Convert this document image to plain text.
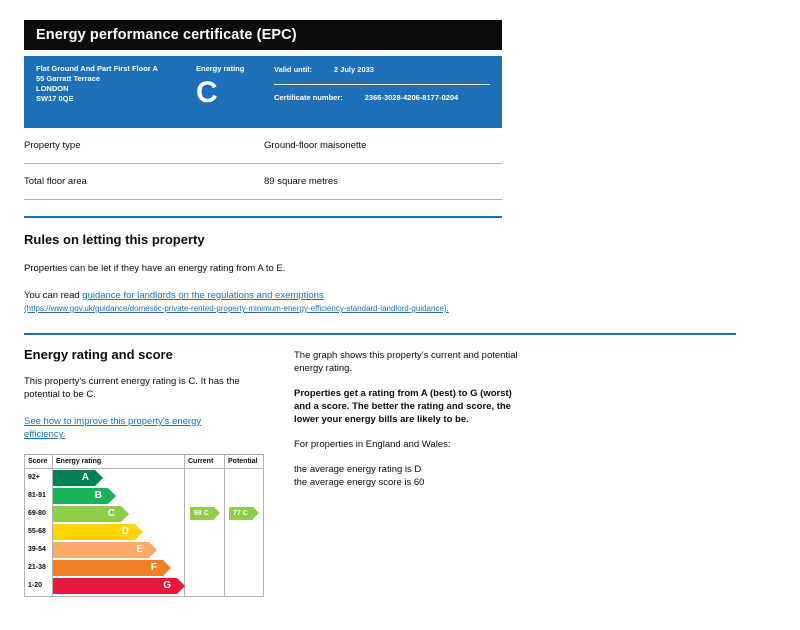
Energy performance certificate (EPC)
Flat Ground And Part First Floor A
55 Garratt Terrace
LONDON
SW17 0QE
Energy rating
C
Valid until:	2 July 2033
Certificate number:	2366-3028-4206-8177-0204
Property type	Ground-floor maisonette
Total floor area	89 square metres
Rules on letting this property
Properties can be let if they have an energy rating from A to E.
You can read guidance for landlords on the regulations and exemptions
(https://www.gov.uk/guidance/domestic-private-rented-property-minimum-energy-efficiency-standard-landlord-guidance).
Energy rating and score
This property's current energy rating is C. It has the potential to be C.
See how to improve this property's energy efficiency.
Score	Energy rating	Current	Potential
92+	A
81-91	B
69-80	C	69 C	77 C
55-68	D
39-54	E
21-38	F
1-20	G
The graph shows this property's current and potential energy rating.
Properties get a rating from A (best) to G (worst) and a score. The better the rating and score, the lower your energy bills are likely to be.
For properties in England and Wales:
the average energy rating is D
the average energy score is 60
